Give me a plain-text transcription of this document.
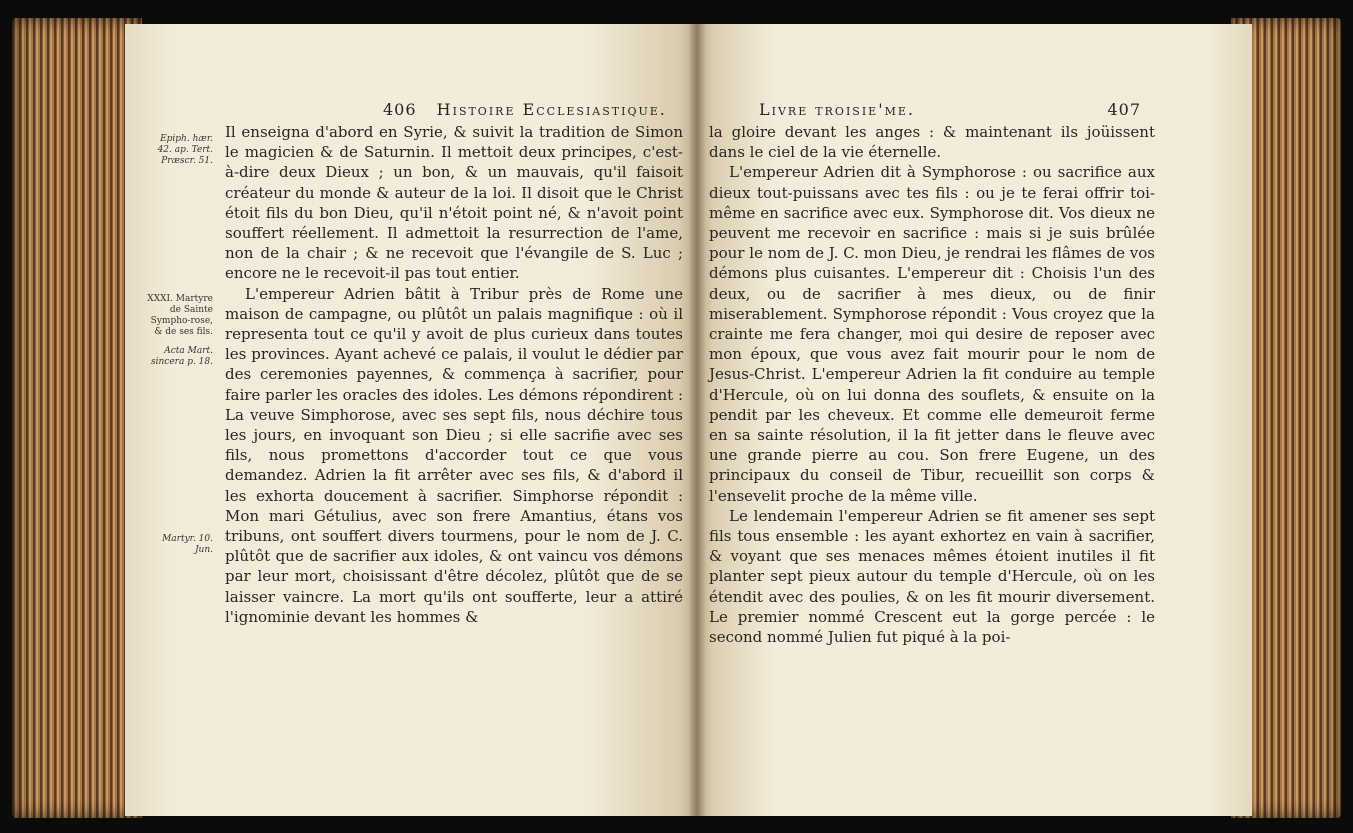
406 Histoire Ecclesiastique.
Epiph. hær. 42. ap. Tert. Præscr. 51.
XXXI. Martyre de Sainte Sympho-rose, & de ses fils.
Acta Mart. sincera p. 18.
Martyr. 10. Jun.

Il enseigna d'abord en Syrie, & suivit la tradition de Simon le magicien & de Saturnin. Il mettoit deux principes, c'est-à-dire deux Dieux ; un bon, & un mauvais, qu'il faisoit créateur du monde & auteur de la loi. Il disoit que le Christ étoit fils du bon Dieu, qu'il n'étoit point né, & n'avoit point souffert réellement. Il admettoit la resurrection de l'ame, non de la chair ; & ne recevoit que l'évangile de S. Luc ; encore ne le recevoit-il pas tout entier.

L'empereur Adrien bâtit à Tribur près de Rome une maison de campagne, ou plûtôt un palais magnifique : où il representa tout ce qu'il y avoit de plus curieux dans toutes les provinces. Ayant achevé ce palais, il voulut le dédier par des ceremonies payennes, & commença à sacrifier, pour faire parler les oracles des idoles. Les démons répondirent : La veuve Simphorose, avec ses sept fils, nous déchire tous les jours, en invoquant son Dieu ; si elle sacrifie avec ses fils, nous promettons d'accorder tout ce que vous demandez. Adrien la fit arrêter avec ses fils, & d'abord il les exhorta doucement à sacrifier. Simphorse répondit : Mon mari Gétulius, avec son frere Amantius, étans vos tribuns, ont souffert divers tourmens, pour le nom de J. C. plûtôt que de sacrifier aux idoles, & ont vaincu vos démons par leur mort, choisissant d'être décolez, plûtôt que de se laisser vaincre. La mort qu'ils ont soufferte, leur a attiré l'ignominie devant les hommes &

Livre troisie'me.	407

la gloire devant les anges : & maintenant ils joüissent dans le ciel de la vie éternelle.

L'empereur Adrien dit à Symphorose : ou sacrifice aux dieux tout-puissans avec tes fils : ou je te ferai offrir toi-même en sacrifice avec eux. Symphorose dit. Vos dieux ne peuvent me recevoir en sacrifice : mais si je suis brûlée pour le nom de J. C. mon Dieu, je rendrai les flâmes de vos démons plus cuisantes. L'empereur dit : Choisis l'un des deux, ou de sacrifier à mes dieux, ou de finir miserablement. Symphorose répondit : Vous croyez que la crainte me fera changer, moi qui desire de reposer avec mon époux, que vous avez fait mourir pour le nom de Jesus-Christ. L'empereur Adrien la fit conduire au temple d'Hercule, où on lui donna des souflets, & ensuite on la pendit par les cheveux. Et comme elle demeuroit ferme en sa sainte résolution, il la fit jetter dans le fleuve avec une grande pierre au cou. Son frere Eugene, un des principaux du conseil de Tibur, recueillit son corps & l'ensevelit proche de la même ville.

Le lendemain l'empereur Adrien se fit amener ses sept fils tous ensemble : les ayant exhortez en vain à sacrifier, & voyant que ses menaces mêmes étoient inutiles il fit planter sept pieux autour du temple d'Hercule, où on les étendit avec des poulies, & on les fit mourir diversement. Le premier nommé Crescent eut la gorge percée : le second nommé Julien fut piqué à la poi-
